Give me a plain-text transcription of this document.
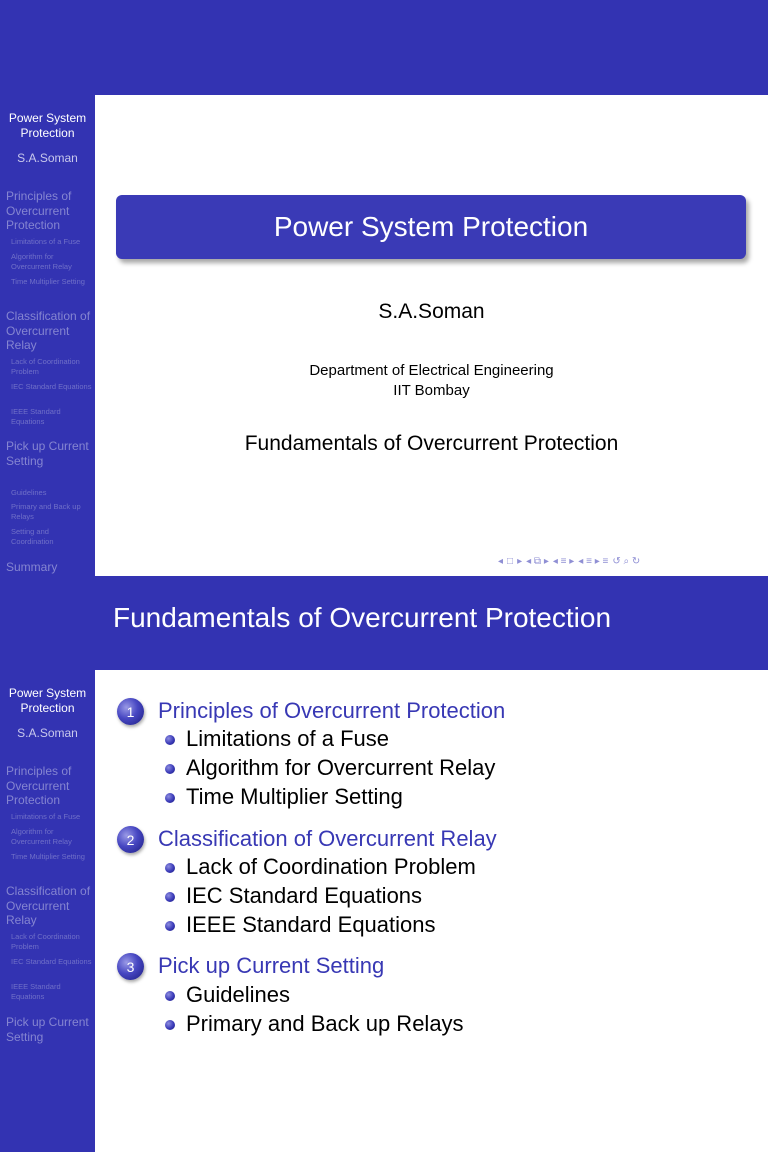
Power System Protection
S.A.Soman
Principles of Overcurrent Protection
Limitations of a Fuse
Algorithm for Overcurrent Relay
Time Multiplier Setting
Classification of Overcurrent Relay
Lack of Coordination Problem
IEC Standard Equations
IEEE Standard Equations
Pick up Current Setting
Guidelines
Primary and Back up Relays
Setting and Coordination
Summary
Power System Protection
S.A.Soman
Department of Electrical Engineering
IIT Bombay
Fundamentals of Overcurrent Protection
◂ □ ▸ ◂ ⧉ ▸ ◂ ≡ ▸ ◂ ≡ ▸ ≡ ↺ ⌕ ↻
Fundamentals of Overcurrent Protection
Power System Protection
S.A.Soman
Principles of Overcurrent Protection
Limitations of a Fuse
Algorithm for Overcurrent Relay
Time Multiplier Setting
Classification of Overcurrent Relay
Lack of Coordination Problem
IEC Standard Equations
IEEE Standard Equations
Pick up Current Setting
1	Principles of Overcurrent Protection
Limitations of a Fuse
Algorithm for Overcurrent Relay
Time Multiplier Setting
2	Classification of Overcurrent Relay
Lack of Coordination Problem
IEC Standard Equations
IEEE Standard Equations
3	Pick up Current Setting
Guidelines
Primary and Back up Relays
